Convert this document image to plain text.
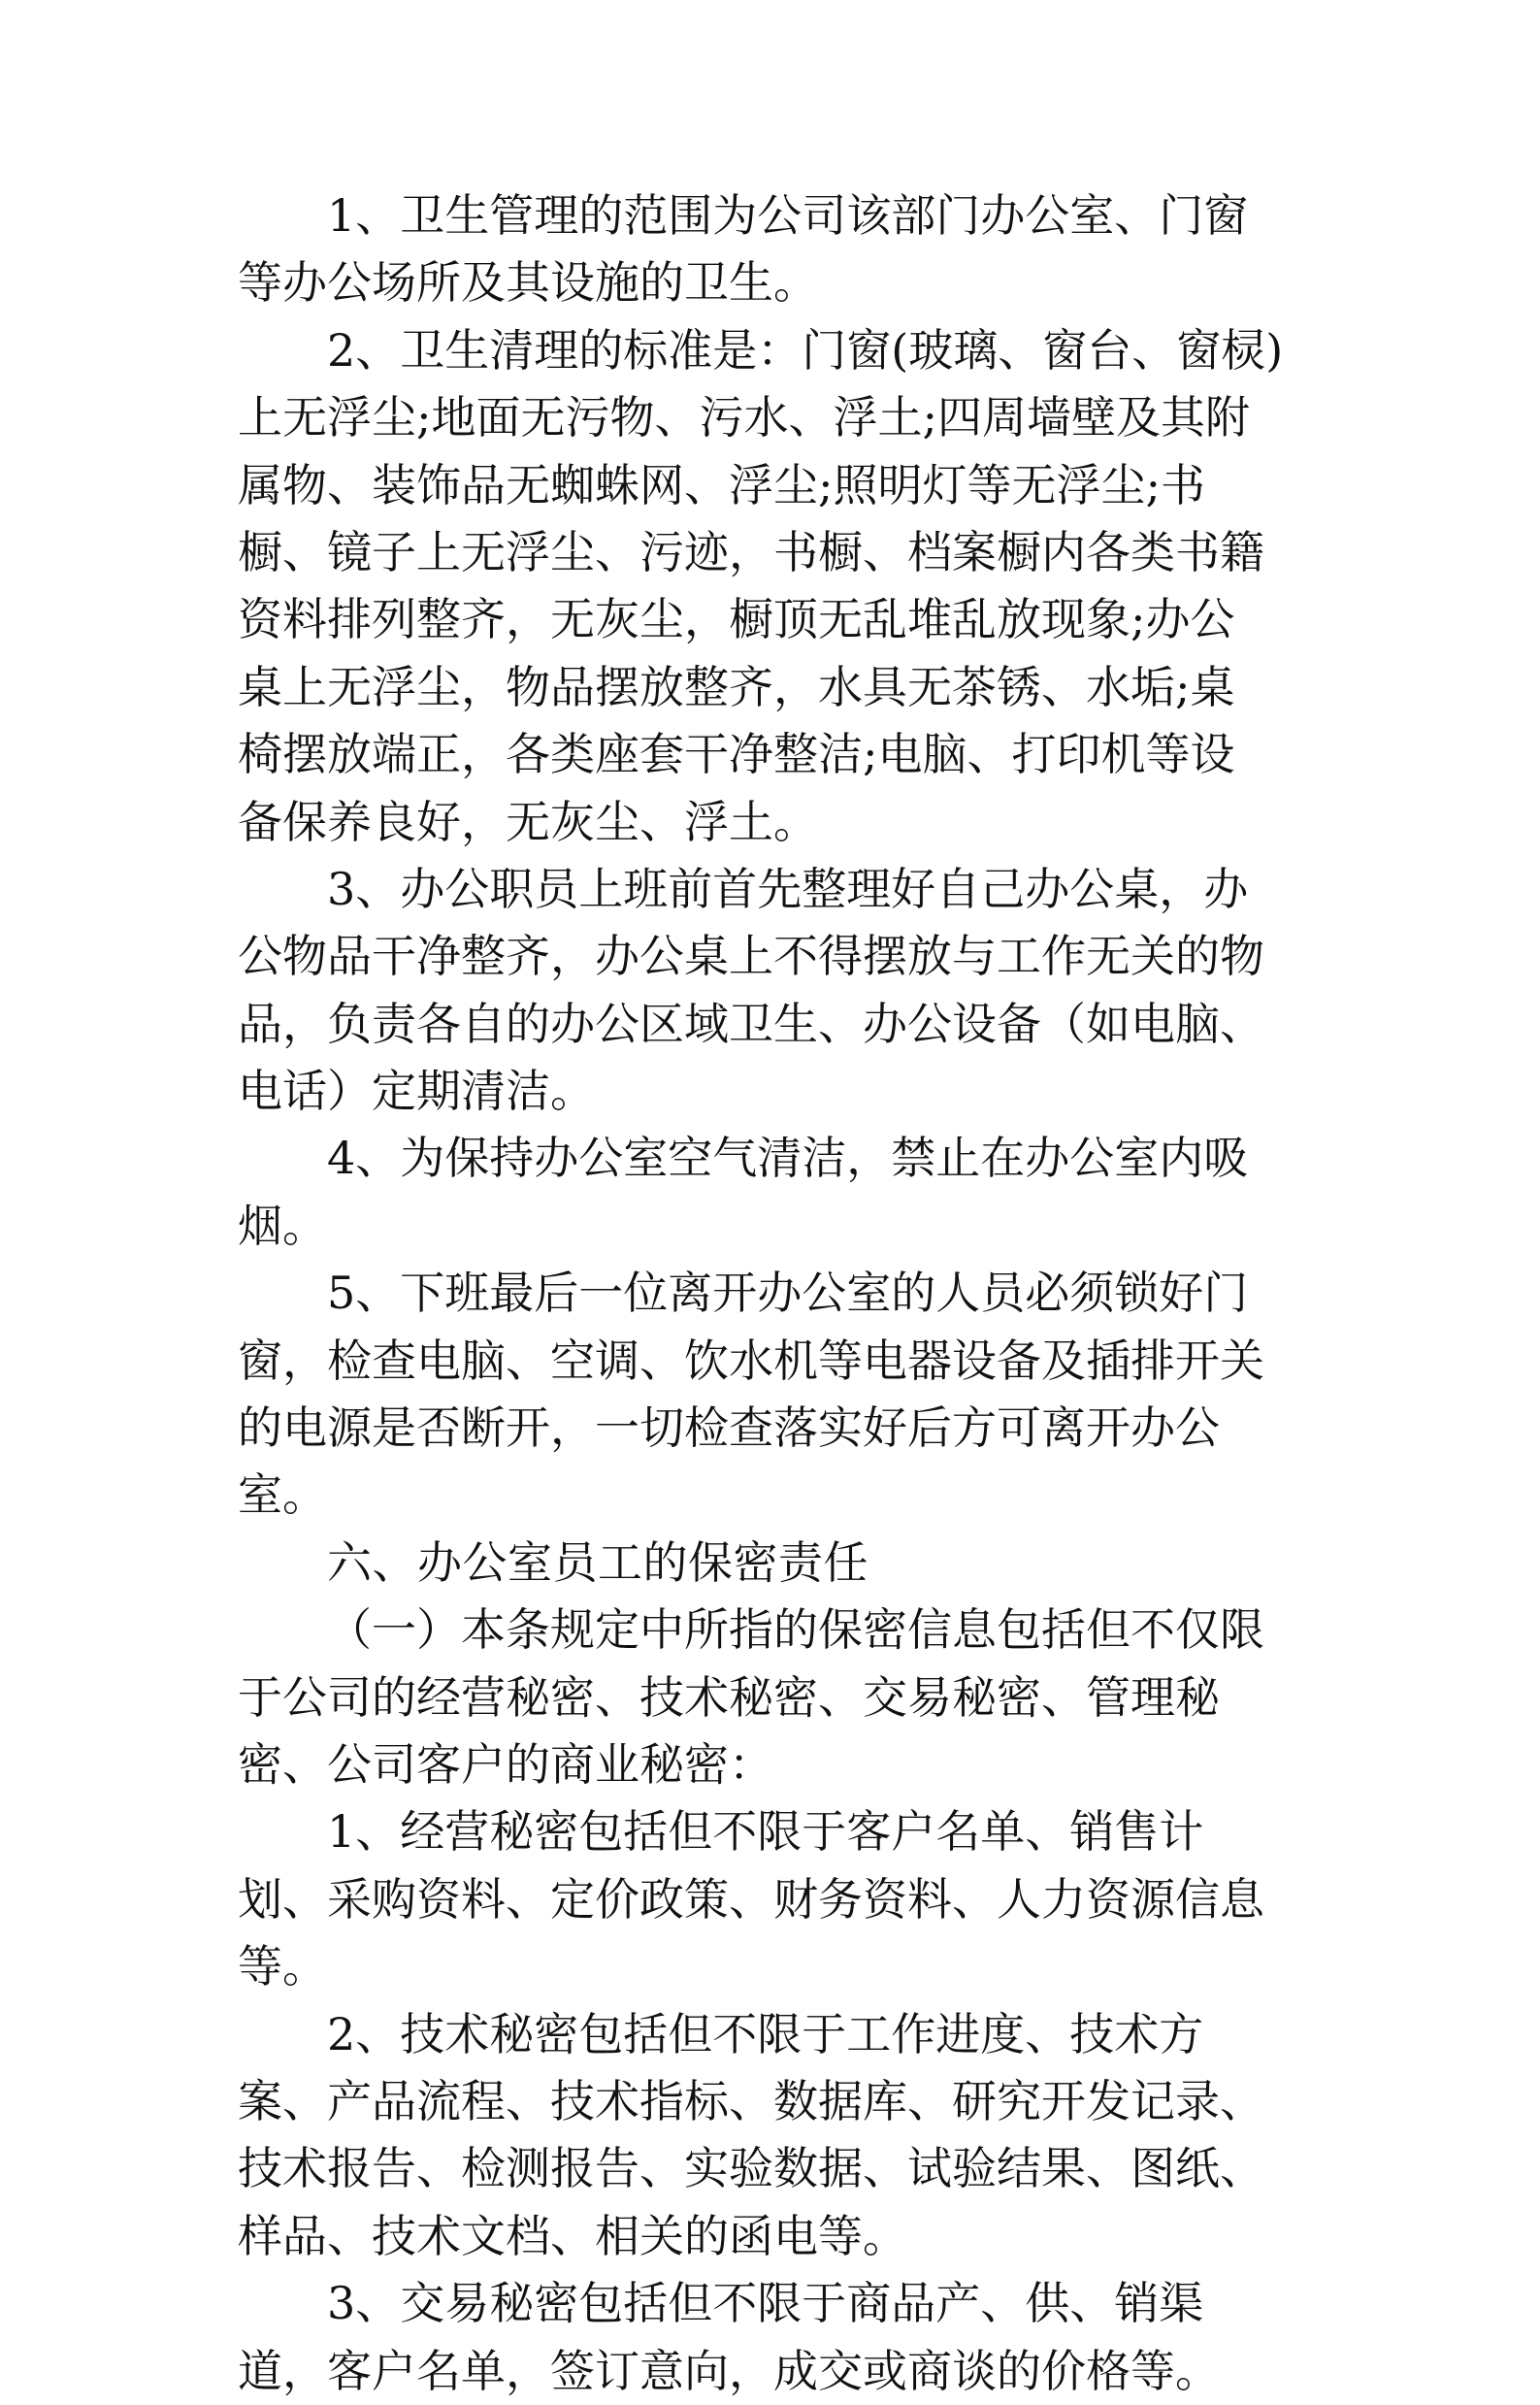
1、卫生管理的范围为公司该部门办公室、门窗
等办公场所及其设施的卫生。
2、卫生清理的标准是：门窗(玻璃、窗台、窗棂)
上无浮尘;地面无污物、污水、浮土;四周墙壁及其附
属物、装饰品无蜘蛛网、浮尘;照明灯等无浮尘;书
橱、镜子上无浮尘、污迹，书橱、档案橱内各类书籍
资料排列整齐，无灰尘，橱顶无乱堆乱放现象;办公
桌上无浮尘，物品摆放整齐，水具无茶锈、水垢;桌
椅摆放端正，各类座套干净整洁;电脑、打印机等设
备保养良好，无灰尘、浮土。
3、办公职员上班前首先整理好自己办公桌，办
公物品干净整齐，办公桌上不得摆放与工作无关的物
品，负责各自的办公区域卫生、办公设备（如电脑、
电话）定期清洁。
4、为保持办公室空气清洁，禁止在办公室内吸
烟。
5、下班最后一位离开办公室的人员必须锁好门
窗，检查电脑、空调、饮水机等电器设备及插排开关
的电源是否断开，一切检查落实好后方可离开办公
室。
六、办公室员工的保密责任
（一）本条规定中所指的保密信息包括但不仅限
于公司的经营秘密、技术秘密、交易秘密、管理秘
密、公司客户的商业秘密：
1、经营秘密包括但不限于客户名单、销售计
划、采购资料、定价政策、财务资料、人力资源信息
等。
2、技术秘密包括但不限于工作进度、技术方
案、产品流程、技术指标、数据库、研究开发记录、
技术报告、检测报告、实验数据、试验结果、图纸、
样品、技术文档、相关的函电等。
3、交易秘密包括但不限于商品产、供、销渠
道，客户名单，签订意向，成交或商谈的价格等。
